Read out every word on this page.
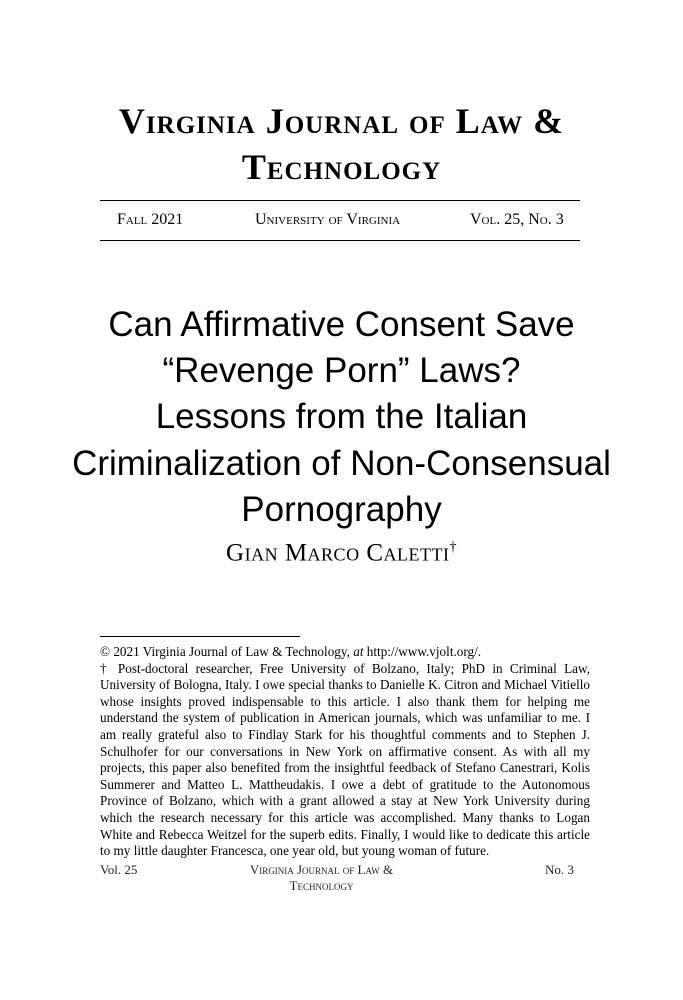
Virginia Journal of Law &
Technology
Fall 2021	University of Virginia	Vol. 25, No. 3
Can Affirmative Consent Save
“Revenge Porn” Laws?
Lessons from the Italian
Criminalization of Non-Consensual
Pornography
Gian Marco Caletti†

© 2021 Virginia Journal of Law & Technology, at http://www.vjolt.org/.

† Post-doctoral researcher, Free University of Bolzano, Italy; PhD in Criminal Law, University of Bologna, Italy. I owe special thanks to Danielle K. Citron and Michael Vitiello whose insights proved indispensable to this article. I also thank them for helping me understand the system of publication in American journals, which was unfamiliar to me. I am really grateful also to Findlay Stark for his thoughtful comments and to Stephen J. Schulhofer for our conversations in New York on affirmative consent. As with all my projects, this paper also benefited from the insightful feedback of Stefano Canestrari, Kolis Summerer and Matteo L. Mattheudakis. I owe a debt of gratitude to the Autonomous Province of Bolzano, which with a grant allowed a stay at New York University during which the research necessary for this article was accomplished. Many thanks to Logan White and Rebecca Weitzel for the superb edits. Finally, I would like to dedicate this article to my little daughter Francesca, one year old, but young woman of future.

Vol. 25	Virginia Journal of Law &
Technology
No. 3
